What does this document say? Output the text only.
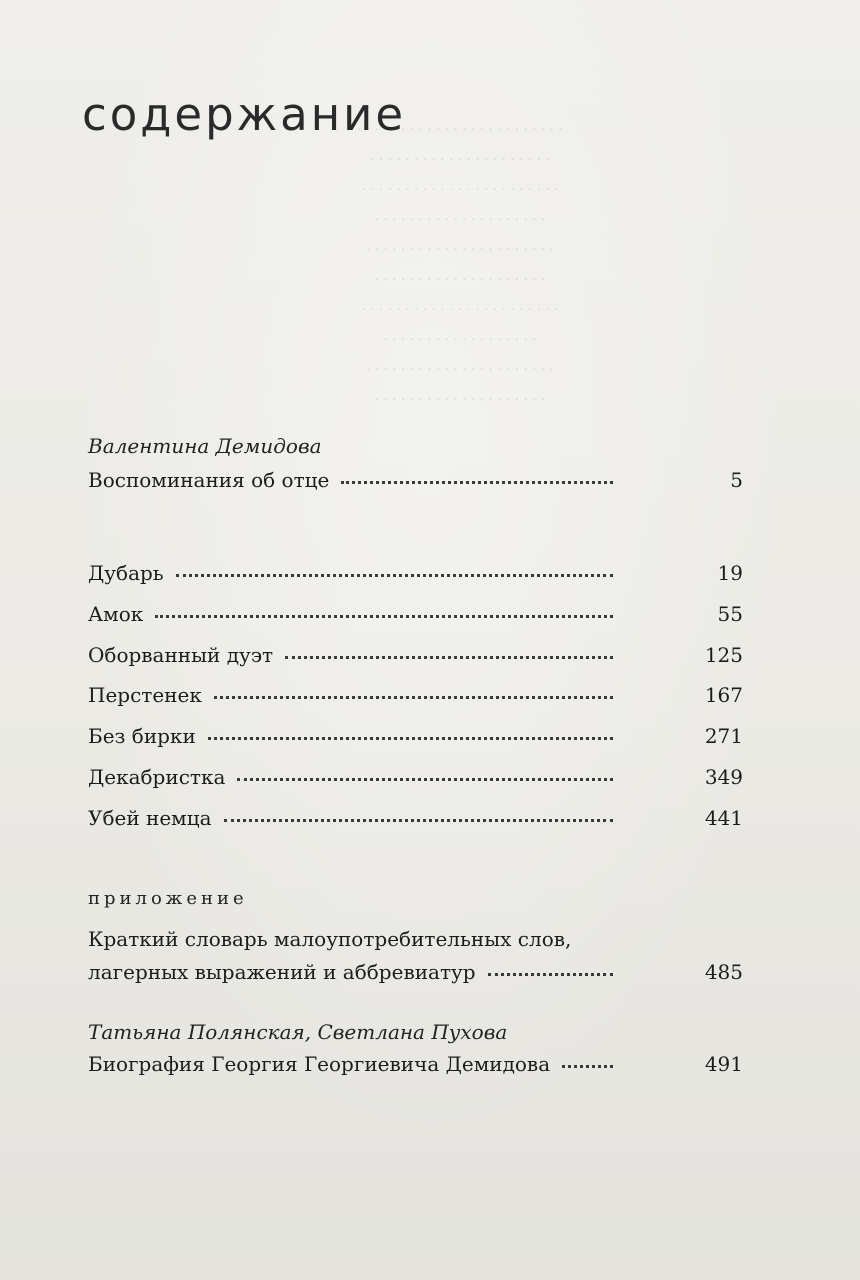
· · · · · · · · · · · · · · · · · · · · · · · ·
· · · · · · · · · · · · · · · · · · · · ·
· · · · · · · · · · · · · · · · · · · · · · ·
· · · · · · · · · · · · · · · · · · · ·
· · · · · · · · · · · · · · · · · · · · · ·
· · · · · · · · · · · · · · · · · · · ·
· · · · · · · · · · · · · · · · · · · · · · ·
· · · · · · · · · · · · · · · · · ·
· · · · · · · · · · · · · · · · · · · · · ·
· · · · · · · · · · · · · · · · · · · ·
содержание
Валентина Демидова
Воспоминания об отце	5
Дубарь	19
Амок	55
Оборванный дуэт	125
Перстенек	167
Без бирки	271
Декабристка	349
Убей немца	441
приложение
Краткий словарь малоупотребительных слов,
лагерных выражений и аббревиатур	485
Татьяна Полянская, Светлана Пухова
Биография Георгия Георгиевича Демидова	491
